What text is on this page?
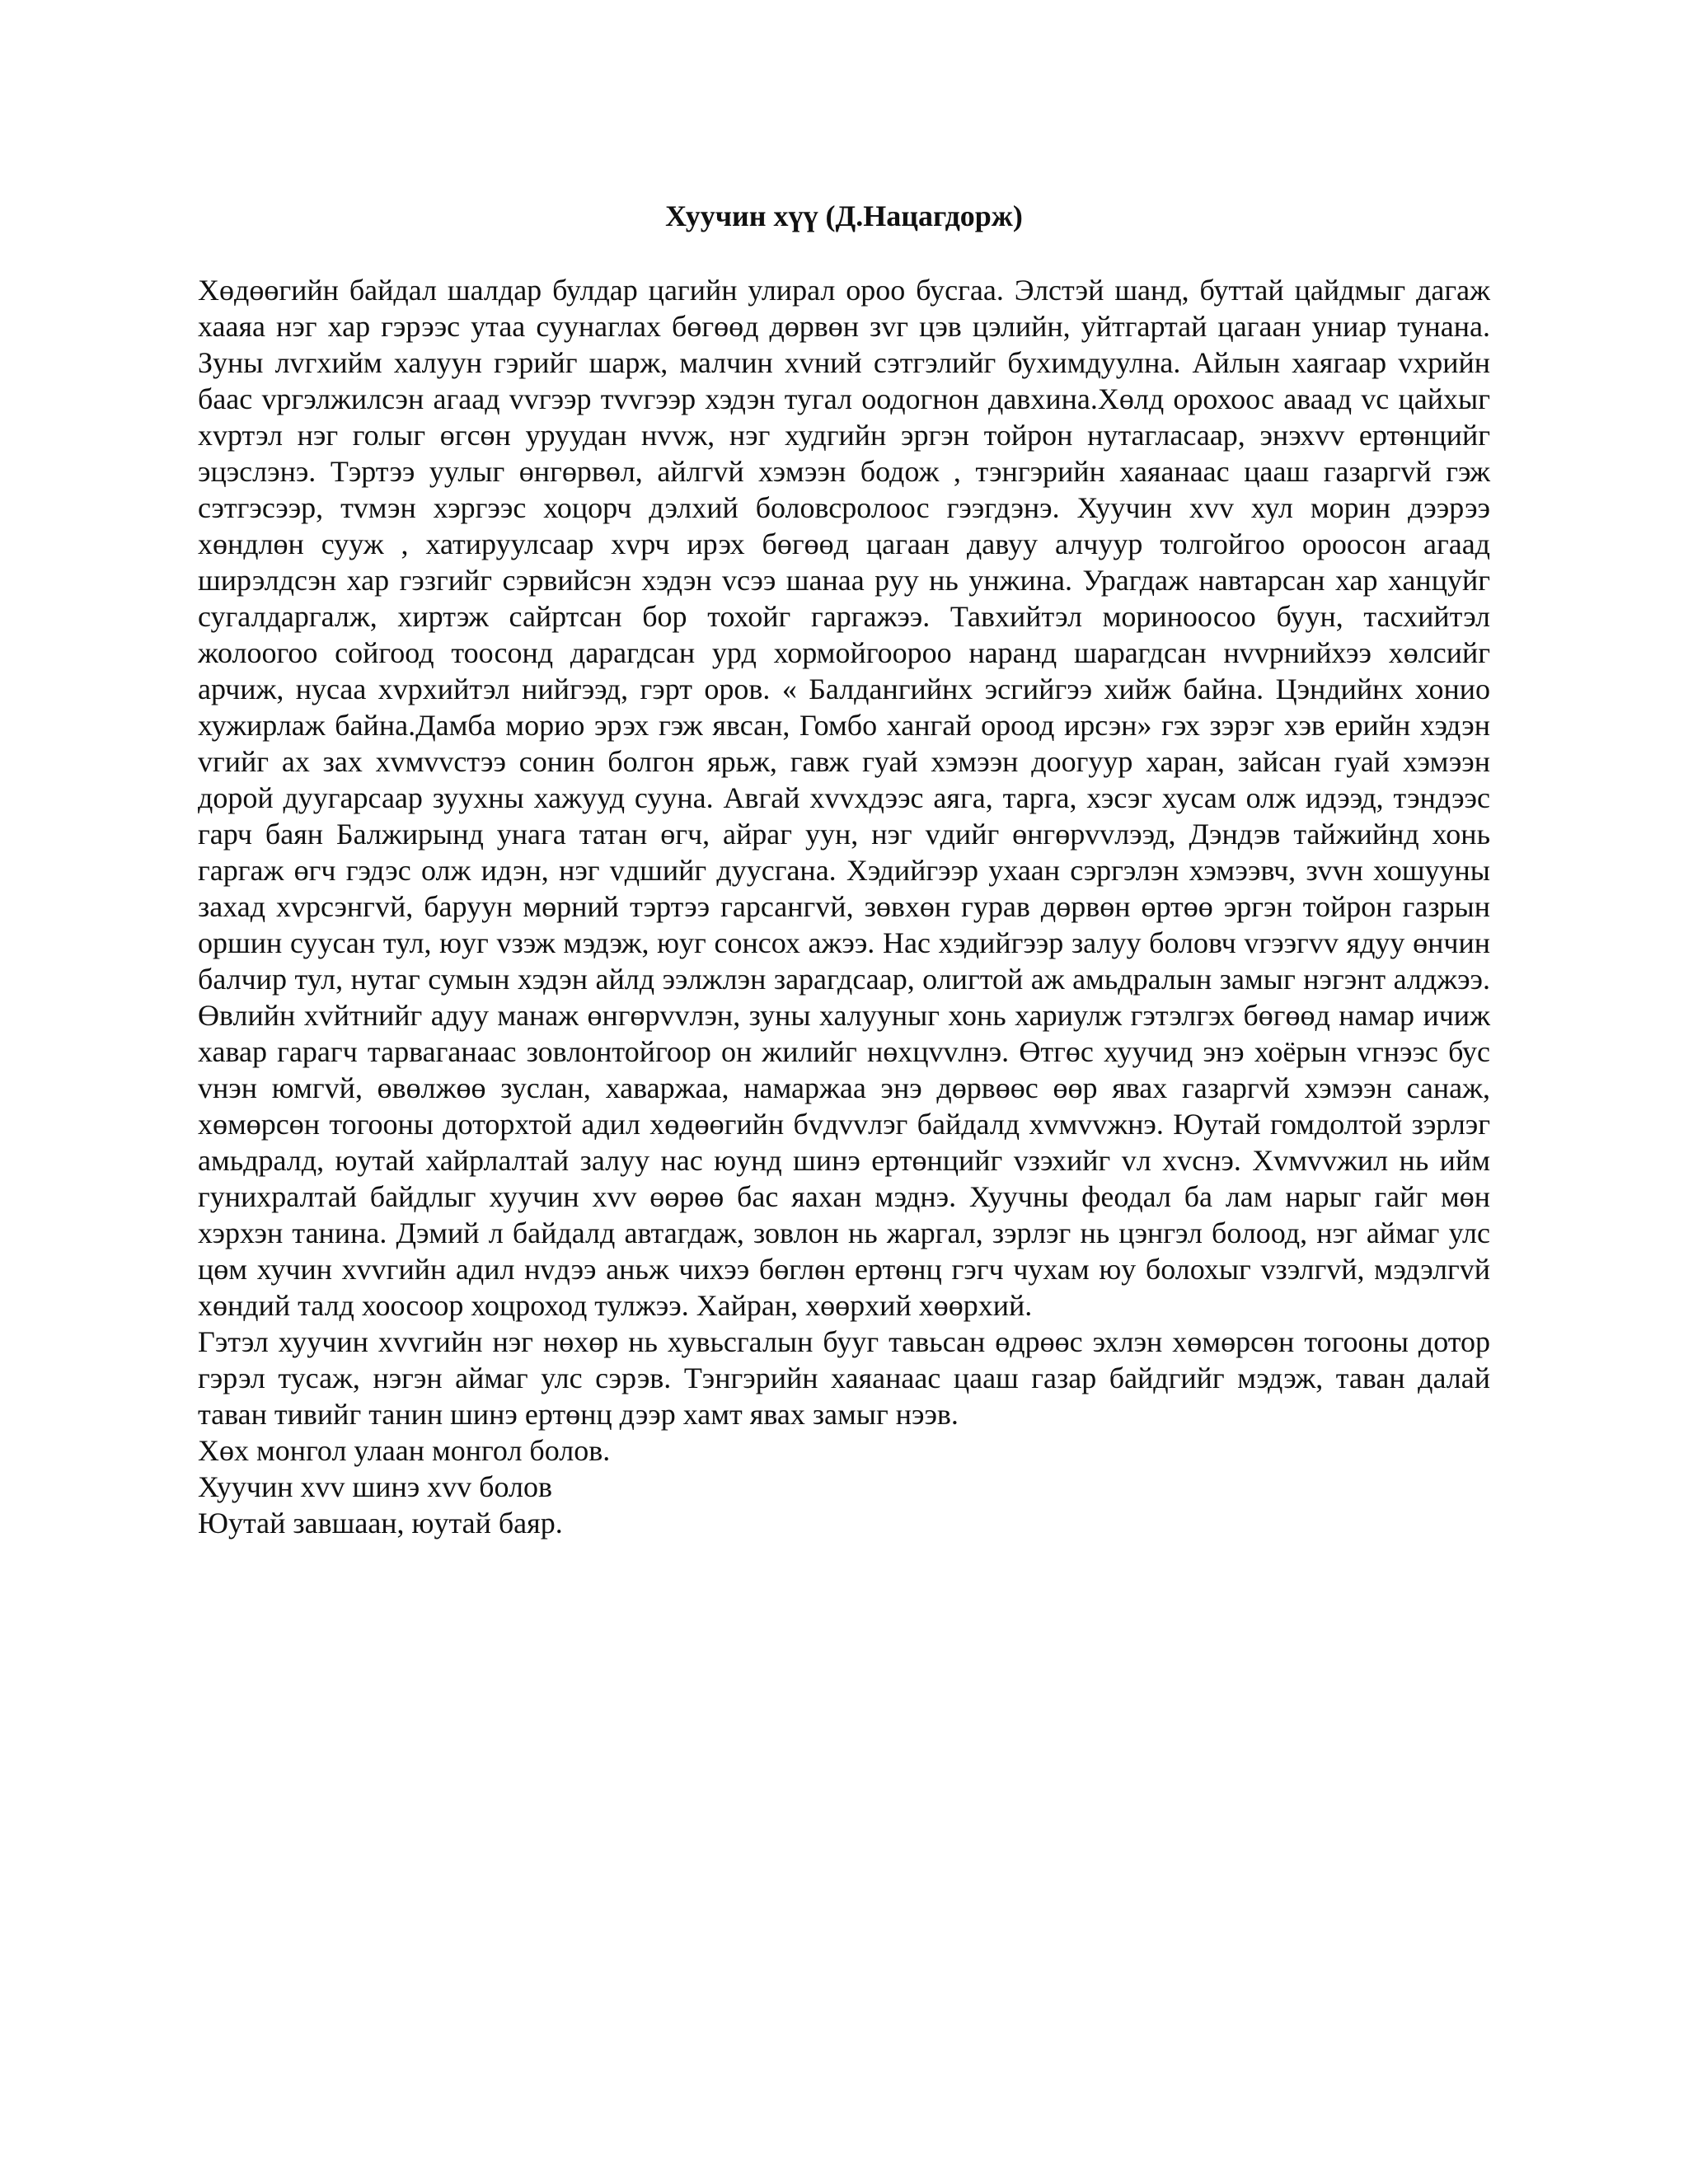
Хуучин хүү (Д.Нацагдорж)

Хөдөөгийн байдал шалдар булдар цагийн улирал ороо бусгаа. Элстэй шанд, буттай цайдмыг дагаж хааяа нэг хар гэрээс утаа суунаглах бөгөөд дөрвөн зvг цэв цэлийн, уйтгартай цагаан униар тунана. Зуны лvгхийм халуун гэрийг шарж, малчин хvний сэтгэлийг бухимдуулна. Айлын хаягаар vхрийн баас vргэлжилсэн агаад vvгээр тvvгээр хэдэн тугал оодогнон давхина.Хөлд орохоос аваад vc цайхыг хvртэл нэг голыг өгсөн уруудан нvvж, нэг худгийн эргэн тойрон нутагласаар, энэхvv ертөнцийг эцэслэнэ. Тэртээ уулыг өнгөрвөл, айлгvй хэмээн бодож , тэнгэрийн хаяанаас цааш газаргvй гэж сэтгэсээр, тvмэн хэргээс хоцорч дэлхий боловсролоос гээгдэнэ. Хуучин хvv хул морин дээрээ хөндлөн сууж , хатируулсаар хvрч ирэх бөгөөд цагаан давуу алчуур толгойгоо ороосон агаад ширэлдсэн хар гэзгийг сэрвийсэн хэдэн vсээ шанаа руу нь унжина. Урагдаж навтарсан хар ханцуйг сугалдаргалж, хиртэж сайртсан бор тохойг гаргажээ. Тавхийтэл мориноосоо буун, тасхийтэл жолоогоо сойгоод тоосонд дарагдсан урд хормойгоороо наранд шарагдсан нvvрнийхээ хөлсийг арчиж, нусаа хvрхийтэл нийгээд, гэрт оров. « Балдангийнх эсгийгээ хийж байна. Цэндийнх хонио хужирлаж байна.Дамба морио эрэх гэж явсан, Гомбо хангай ороод ирсэн» гэх зэрэг хэв ерийн хэдэн vгийг ах зах хvмvvстээ сонин болгон ярьж, гавж гуай хэмээн доогуур харан, зайсан гуай хэмээн дорой дуугарсаар зуухны хажууд сууна. Авгай хvvхдээс аяга, тарга, хэсэг хусам олж идээд, тэндээс гарч баян Балжирынд унага татан өгч, айраг уун, нэг vдийг өнгөрvvлээд, Дэндэв тайжийнд хонь гаргаж өгч гэдэс олж идэн, нэг vдшийг дуусгана. Хэдийгээр ухаан сэргэлэн хэмээвч, зvvн хошууны захад хvрсэнгvй, баруун мөрний тэртээ гарсангvй, зөвхөн гурав дөрвөн өртөө эргэн тойрон газрын оршин суусан тул, юуг vзэж мэдэж, юуг сонсох ажээ. Нас хэдийгээр залуу боловч vгээгvv ядуу өнчин балчир тул, нутаг сумын хэдэн айлд ээлжлэн зарагдсаар, олигтой аж амьдралын замыг нэгэнт алджээ. Өвлийн хvйтнийг адуу манаж өнгөрvvлэн, зуны халууныг хонь хариулж гэтэлгэх бөгөөд намар ичиж хавар гарагч тарваганаас зовлонтойгоор он жилийг нөхцvvлнэ. Өтгөс хуучид энэ хоёрын vгнээс бус vнэн юмгvй, өвөлжөө зуслан, хаваржаа, намаржаа энэ дөрвөөс өөр явах газаргvй хэмээн санаж, хөмөрсөн тогооны доторхтой адил хөдөөгийн бvдvvлэг байдалд хvмvvжнэ. Юутай гомдолтой зэрлэг амьдралд, юутай хайрлалтай залуу нас юунд шинэ ертөнцийг vзэхийг vл хvснэ. Хvмvvжил нь ийм гунихралтай байдлыг хуучин хvv өөрөө бас яахан мэднэ. Хуучны феодал ба лам нарыг гайг мөн хэрхэн танина. Дэмий л байдалд автагдаж, зовлон нь жаргал, зэрлэг нь цэнгэл болоод, нэг аймаг улс цөм хучин хvvгийн адил нvдээ аньж чихээ бөглөн ертөнц гэгч чухам юу болохыг vзэлгvй, мэдэлгvй хөндий талд хоосоор хоцроход тулжээ. Хайран, хөөрхий хөөрхий.

Гэтэл хуучин хvvгийн нэг нөхөр нь хувьсгалын бууг тавьсан өдрөөс эхлэн хөмөрсөн тогооны дотор гэрэл тусаж, нэгэн аймаг улс сэрэв. Тэнгэрийн хаяанаас цааш газар байдгийг мэдэж, таван далай таван тивийг танин шинэ ертөнц дээр хамт явах замыг нээв.

Хөх монгол улаан монгол болов.

Хуучин хvv шинэ хvv болов

Юутай завшаан, юутай баяр.
